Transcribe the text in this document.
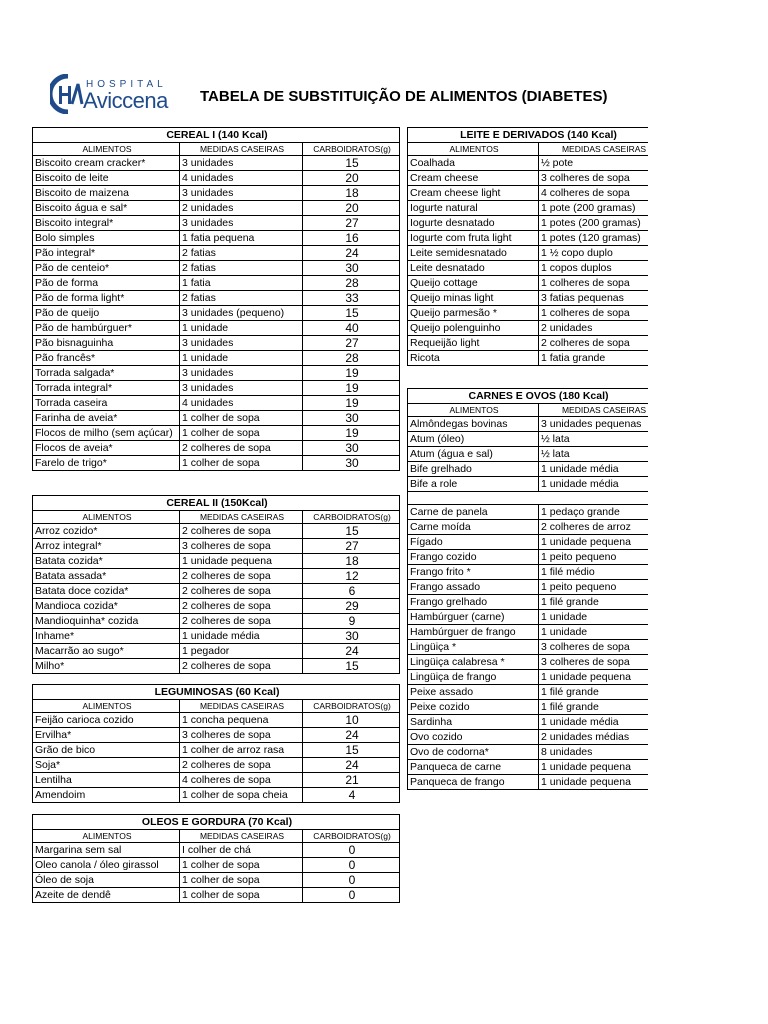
HOSPITAL
Aviccena TABELA DE SUBSTITUIÇÃO DE ALIMENTOS (DIABETES)
CEREAL I (140 Kcal)		
ALIMENTOS	MEDIDAS CASEIRAS	CARBOIDRATOS(g)
Biscoito cream cracker*	3 unidades	15
Biscoito de leite	4 unidades	20
Biscoito de maizena	3 unidades	18
Biscoito água e sal*	2 unidades	20
Biscoito integral*	3 unidades	27
Bolo simples	1 fatia pequena	16
Pão integral*	2 fatias	24
Pão de centeio*	2 fatias	30
Pão de forma	1 fatia	28
Pão de forma light*	2 fatias	33
Pão de queijo	3 unidades (pequeno)	15
Pão de hambúrguer*	1 unidade	40
Pão bisnaguinha	3 unidades	27
Pão francês*	1 unidade	28
Torrada salgada*	3 unidades	19
Torrada integral*	3 unidades	19
Torrada caseira	4 unidades	19
Farinha de aveia*	1 colher de sopa	30
Flocos de milho (sem açúcar)	1 colher de sopa	19
Flocos de aveia*	2 colheres de sopa	30
Farelo de trigo*	1 colher de sopa	30
CEREAL II (150Kcal)		
ALIMENTOS	MEDIDAS CASEIRAS	CARBOIDRATOS(g)
Arroz cozido*	2 colheres de sopa	15
Arroz integral*	3 colheres de sopa	27
Batata cozida*	1 unidade pequena	18
Batata assada*	2 colheres de sopa	12
Batata doce cozida*	2 colheres de sopa	6
Mandioca cozida*	2 colheres de sopa	29
Mandioquinha* cozida	2 colheres de sopa	9
Inhame*	1 unidade média	30
Macarrão ao sugo*	1 pegador	24
Milho*	2 colheres de sopa	15
LEGUMINOSAS (60 Kcal)		
ALIMENTOS	MEDIDAS CASEIRAS	CARBOIDRATOS(g)
Feijão carioca cozido	1 concha pequena	10
Ervilha*	3 colheres de sopa	24
Grão de bico	1 colher de arroz rasa	15
Soja*	2 colheres de sopa	24
Lentilha	4 colheres de sopa	21
Amendoim	1 colher de sopa cheia	4
OLEOS E GORDURA (70 Kcal)		
ALIMENTOS	MEDIDAS CASEIRAS	CARBOIDRATOS(g)
Margarina sem sal	I colher de chá	0
Oleo canola / óleo girassol	1 colher de sopa	0
Óleo de soja	1 colher de sopa	0
Azeite de dendê	1 colher de sopa	0
LEITE E DERIVADOS (140 Kcal)	
ALIMENTOS	MEDIDAS CASEIRAS
Coalhada	½ pote
Cream cheese	3 colheres de sopa
Cream cheese light	4 colheres de sopa
Iogurte natural	1 pote (200 gramas)
Iogurte desnatado	1 potes (200 gramas)
Iogurte com fruta light	1 potes (120 gramas)
Leite semidesnatado	1 ½ copo duplo
Leite desnatado	1 copos duplos
Queijo cottage	1 colheres de sopa
Queijo minas light	3 fatias pequenas
Queijo parmesão *	1 colheres de sopa
Queijo polenguinho	2 unidades
Requeijão light	2 colheres de sopa
Ricota	1 fatia grande
CARNES E OVOS (180 Kcal)	
ALIMENTOS	MEDIDAS CASEIRAS
Almôndegas bovinas	3 unidades pequenas
Atum (óleo)	½ lata
Atum (água e sal)	½ lata
Bife grelhado	1 unidade média
Bife a role	1 unidade média

Carne de panela	1 pedaço grande
Carne moída	2 colheres de arroz
Fígado	1 unidade pequena
Frango cozido	1 peito pequeno
Frango frito *	1 filé médio
Frango assado	1 peito pequeno
Frango grelhado	1 filé grande
Hambúrguer (carne)	1 unidade
Hambúrguer de frango	1 unidade
Lingüiça *	3 colheres de sopa
Lingüiça calabresa *	3 colheres de sopa
Lingüiça de frango	1 unidade pequena
Peixe assado	1 filé grande
Peixe cozido	1 filé grande
Sardinha	1 unidade média
Ovo cozido	2 unidades médias
Ovo de codorna*	8 unidades
Panqueca de carne	1 unidade pequena
Panqueca de frango	1 unidade pequena
